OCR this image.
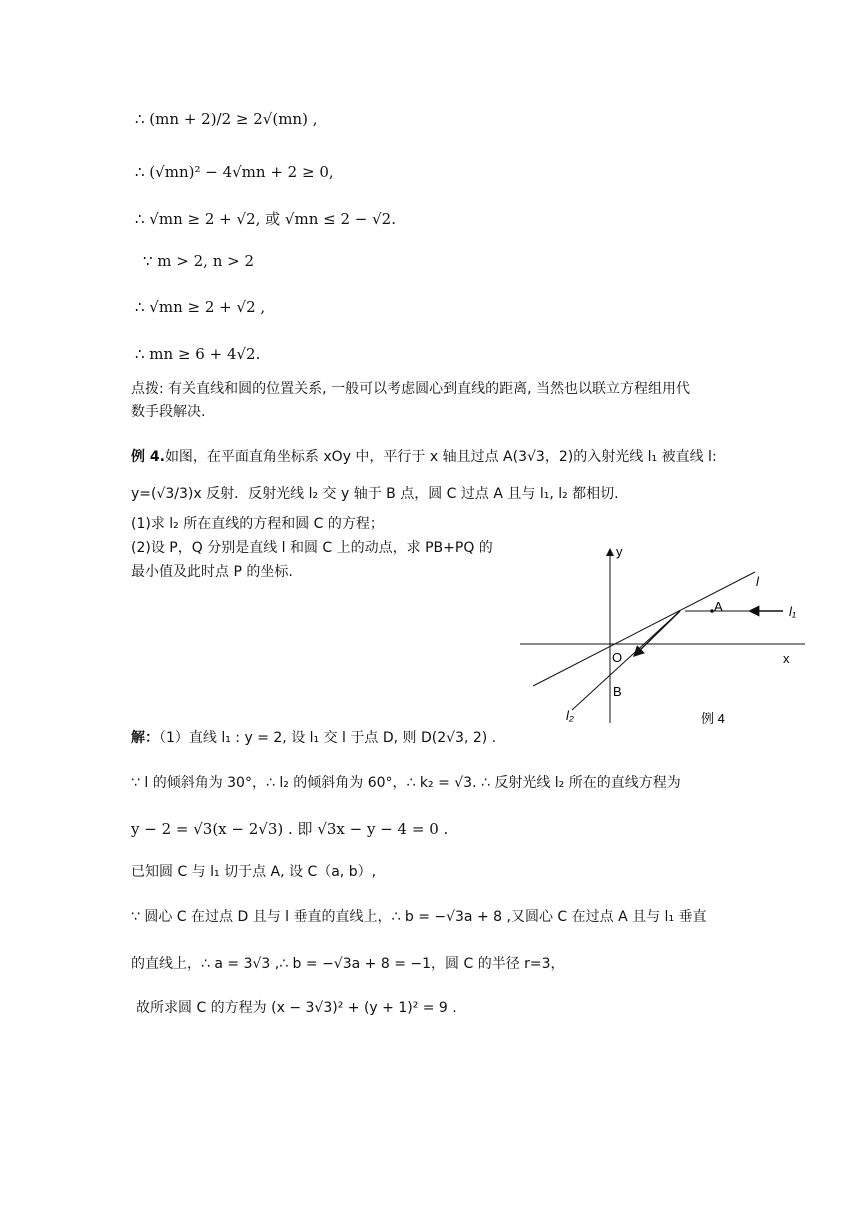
∴ (mn + 2)/2 ≥ 2√(mn) ,
∴ (√mn)² − 4√mn + 2 ≥ 0,
∴ √mn ≥ 2 + √2, 或 √mn ≤ 2 − √2.
∵ m > 2, n > 2
∴ √mn ≥ 2 + √2 ,
∴ mn ≥ 6 + 4√2.
点拨: 有关直线和圆的位置关系, 一般可以考虑圆心到直线的距离, 当然也以联立方程组用代
数手段解决.
例 4.如图，在平面直角坐标系 xOy 中，平行于 x 轴且过点 A(3√3，2)的入射光线 l₁ 被直线 l:
y=(√3/3)x 反射．反射光线 l₂ 交 y 轴于 B 点，圆 C 过点 A 且与 l₁, l₂ 都相切.
(1)求 l₂ 所在直线的方程和圆 C 的方程；
(2)设 P，Q 分别是直线 l 和圆 C 上的动点，求 PB+PQ 的
最小值及此时点 P 的坐标.
y
x
O
A
B
l
l₁
l₂	例 4
解：（1）直线 l₁ : y = 2, 设 l₁ 交 l 于点 D, 则 D(2√3, 2) .
∵ l 的倾斜角为 30°，∴ l₂ 的倾斜角为 60°，∴ k₂ = √3. ∴ 反射光线 l₂ 所在的直线方程为
y − 2 = √3(x − 2√3) . 即 √3x − y − 4 = 0 .
已知圆 C 与 l₁ 切于点 A, 设 C（a, b）,
∵ 圆心 C 在过点 D 且与 l 垂直的直线上，∴ b = −√3a + 8 ,又圆心 C 在过点 A 且与 l₁ 垂直
的直线上，∴ a = 3√3 ,∴ b = −√3a + 8 = −1，圆 C 的半径 r=3，
故所求圆 C 的方程为 (x − 3√3)² + (y + 1)² = 9 .
